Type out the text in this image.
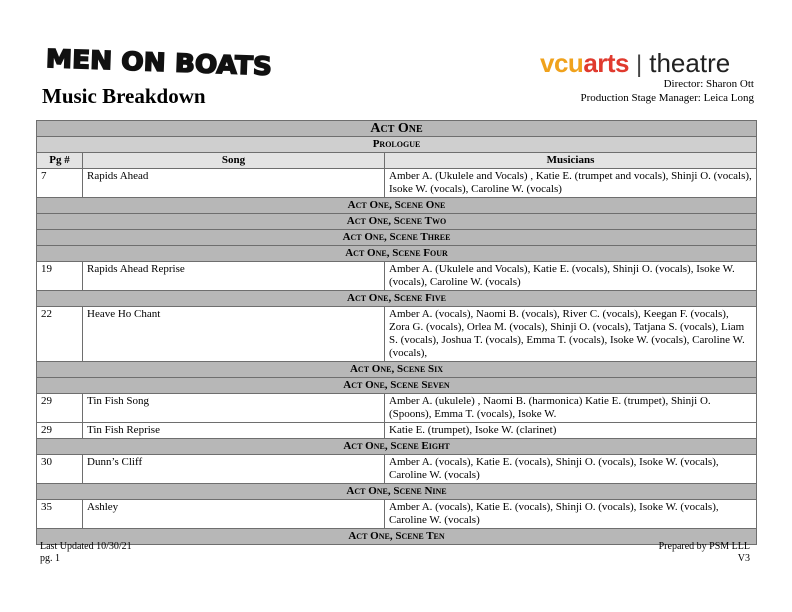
MEN ON BOATS
Music Breakdown
vcuarts | theatre
Director: Sharon Ott
Production Stage Manager: Leica Long
Act One		
Prologue		
Pg #	Song	Musicians
7	Rapids Ahead	Amber A. (Ukulele and Vocals) , Katie E. (trumpet and vocals), Shinji O. (vocals), Isoke W. (vocals), Caroline W. (vocals)
Act One, Scene One		
Act One, Scene Two		
Act One, Scene Three		
Act One, Scene Four		
19	Rapids Ahead Reprise	Amber A. (Ukulele and Vocals), Katie E. (vocals), Shinji O. (vocals), Isoke W. (vocals), Caroline W. (vocals)
Act One, Scene Five		
22	Heave Ho Chant	Amber A. (vocals), Naomi B. (vocals), River C. (vocals), Keegan F. (vocals), Zora G. (vocals), Orlea M. (vocals), Shinji O. (vocals), Tatjana S. (vocals), Liam S. (vocals), Joshua T. (vocals), Emma T. (vocals), Isoke W. (vocals), Caroline W. (vocals),
Act One, Scene Six		
Act One, Scene Seven		
29	Tin Fish Song	Amber A. (ukulele) , Naomi B. (harmonica) Katie E. (trumpet), Shinji O. (Spoons), Emma T. (vocals), Isoke W.
29	Tin Fish Reprise	Katie E. (trumpet), Isoke W. (clarinet)
Act One, Scene Eight		
30	Dunn’s Cliff	Amber A. (vocals), Katie E. (vocals), Shinji O. (vocals), Isoke W. (vocals), Caroline W. (vocals)
Act One, Scene Nine		
35	Ashley	Amber A. (vocals), Katie E. (vocals), Shinji O. (vocals), Isoke W. (vocals), Caroline W. (vocals)
Act One, Scene Ten		
Last Updated 10/30/21
pg. 1
Prepared by PSM LLL
V3
